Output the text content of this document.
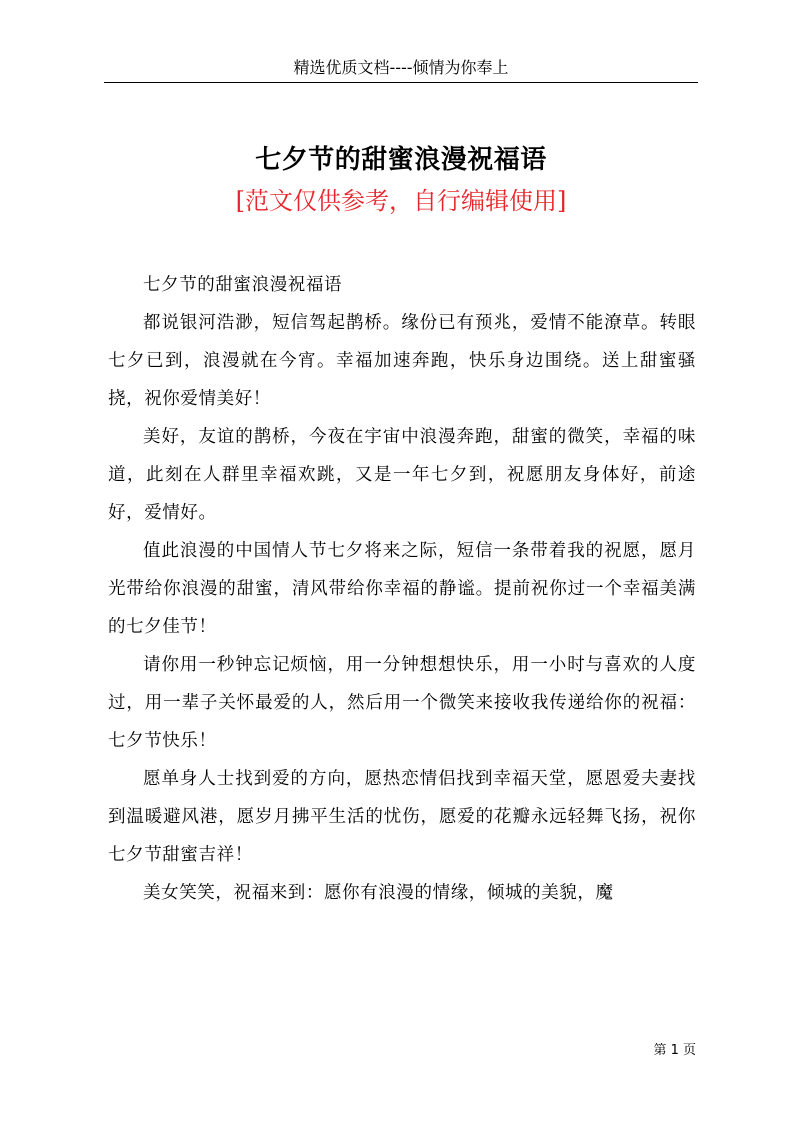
精选优质文档----倾情为你奉上
七夕节的甜蜜浪漫祝福语
[范文仅供参考，自行编辑使用]

七夕节的甜蜜浪漫祝福语

都说银河浩渺，短信驾起鹊桥。缘份已有预兆，爱情不能潦草。转眼七夕已到，浪漫就在今宵。幸福加速奔跑，快乐身边围绕。送上甜蜜骚挠，祝你爱情美好！

美好，友谊的鹊桥，今夜在宇宙中浪漫奔跑，甜蜜的微笑，幸福的味道，此刻在人群里幸福欢跳，又是一年七夕到，祝愿朋友身体好，前途好，爱情好。

值此浪漫的中国情人节七夕将来之际，短信一条带着我的祝愿，愿月光带给你浪漫的甜蜜，清风带给你幸福的静谧。提前祝你过一个幸福美满的七夕佳节！

请你用一秒钟忘记烦恼，用一分钟想想快乐，用一小时与喜欢的人度过，用一辈子关怀最爱的人，然后用一个微笑来接收我传递给你的祝福：七夕节快乐！

愿单身人士找到爱的方向，愿热恋情侣找到幸福天堂，愿恩爱夫妻找到温暖避风港，愿岁月拂平生活的忧伤，愿爱的花瓣永远轻舞飞扬，祝你七夕节甜蜜吉祥！

美女笑笑，祝福来到：愿你有浪漫的情缘，倾城的美貌，魔

第 1 页
